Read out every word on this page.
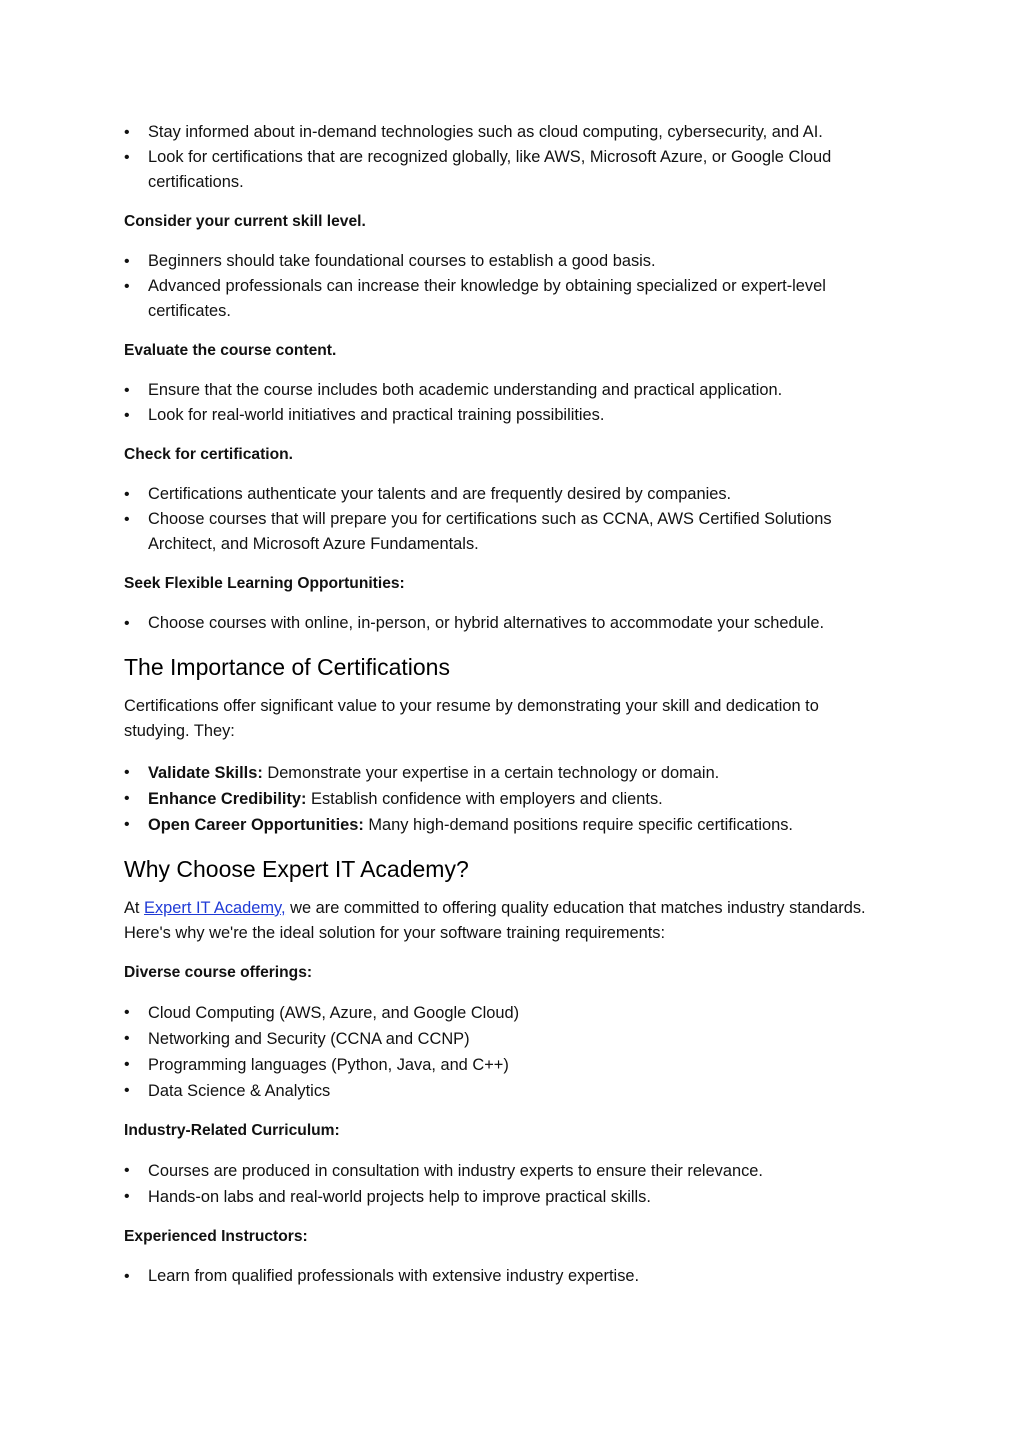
• Stay informed about in-demand technologies such as cloud computing, cybersecurity, and AI.
• Look for certifications that are recognized globally, like AWS, Microsoft Azure, or Google Cloud certifications.

Consider your current skill level.

• Beginners should take foundational courses to establish a good basis.
• Advanced professionals can increase their knowledge by obtaining specialized or expert-level certificates.

Evaluate the course content.

• Ensure that the course includes both academic understanding and practical application.
• Look for real-world initiatives and practical training possibilities.

Check for certification.

• Certifications authenticate your talents and are frequently desired by companies.
• Choose courses that will prepare you for certifications such as CCNA, AWS Certified Solutions Architect, and Microsoft Azure Fundamentals.

Seek Flexible Learning Opportunities:

• Choose courses with online, in-person, or hybrid alternatives to accommodate your schedule.
The Importance of Certifications

Certifications offer significant value to your resume by demonstrating your skill and dedication to studying. They:

• Validate Skills: Demonstrate your expertise in a certain technology or domain.
• Enhance Credibility: Establish confidence with employers and clients.
• Open Career Opportunities: Many high-demand positions require specific certifications.
Why Choose Expert IT Academy?

At Expert IT Academy, we are committed to offering quality education that matches industry standards. Here's why we're the ideal solution for your software training requirements:

Diverse course offerings:

• Cloud Computing (AWS, Azure, and Google Cloud)
• Networking and Security (CCNA and CCNP)
• Programming languages (Python, Java, and C++)
• Data Science & Analytics

Industry-Related Curriculum:

• Courses are produced in consultation with industry experts to ensure their relevance.
• Hands-on labs and real-world projects help to improve practical skills.

Experienced Instructors:

• Learn from qualified professionals with extensive industry expertise.
